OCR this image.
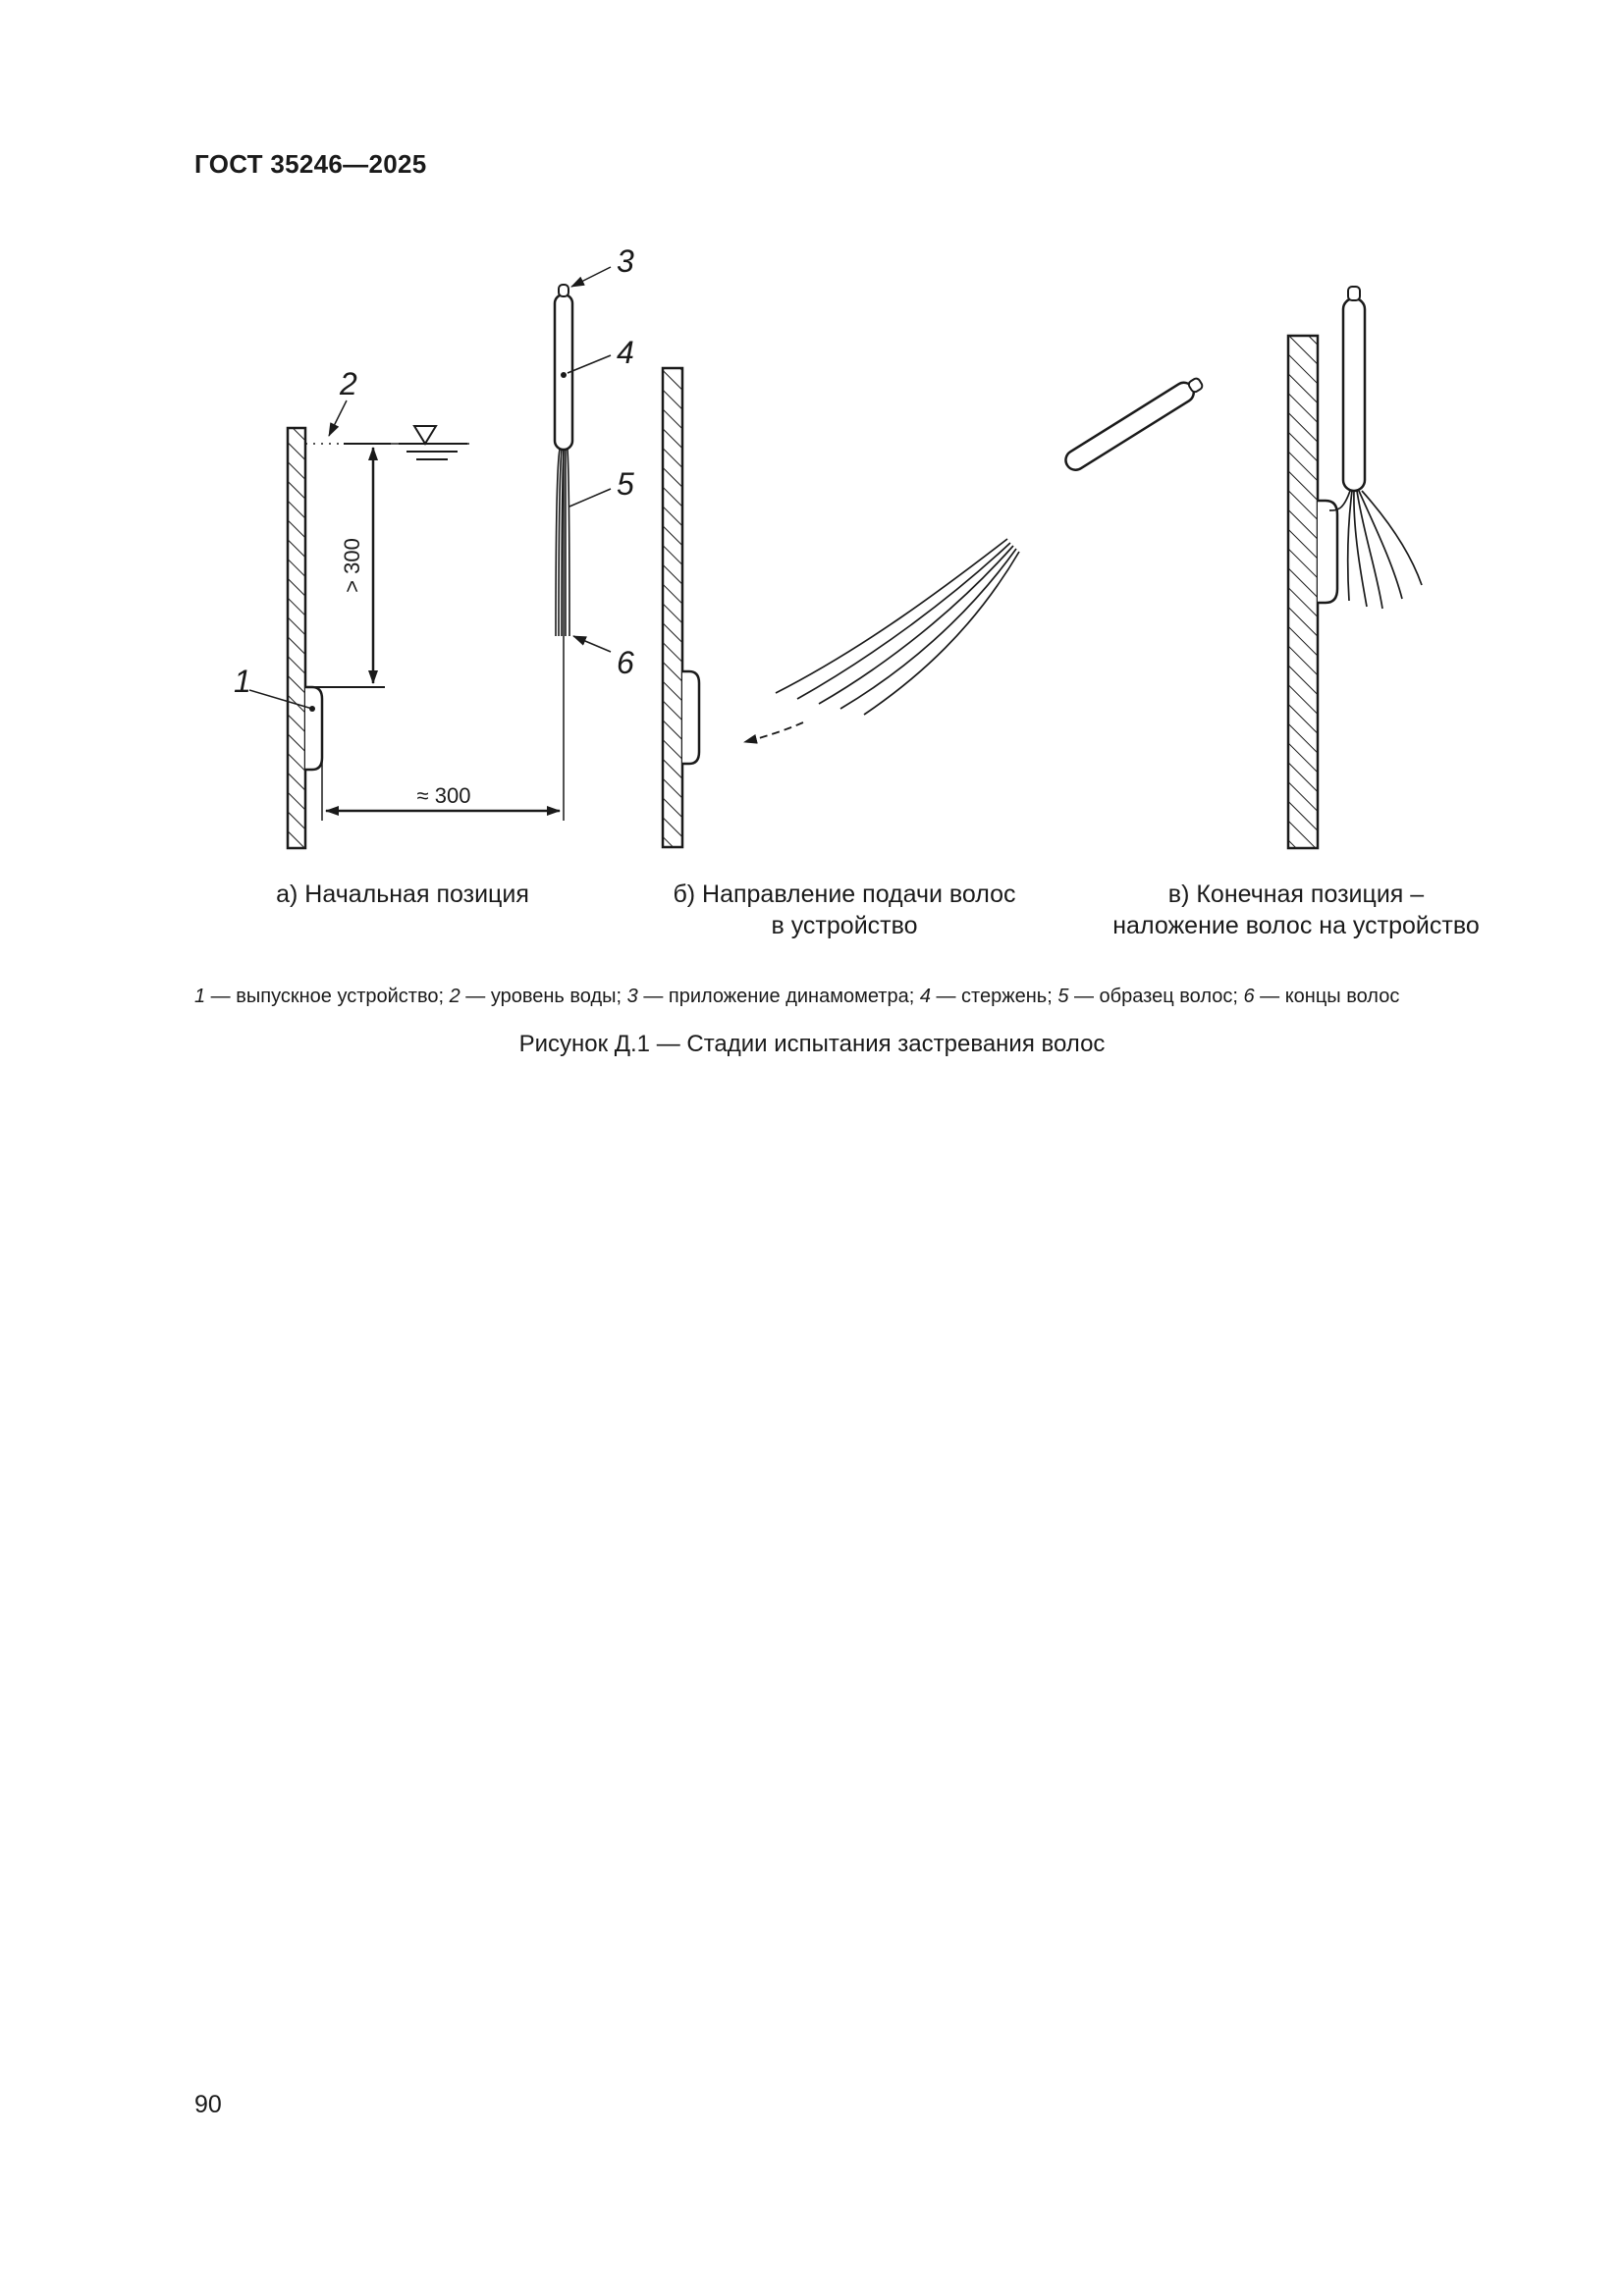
ГОСТ 35246—2025
> 300
≈ 300
1
2
3
4
5
6
а) Начальная позиция	б) Направление подачи волос
в устройство
в) Конечная позиция –
наложение волос на устройство
1 — выпускное устройство; 2 — уровень воды; 3 — приложение динамометра; 4 — стержень; 5 — образец волос; 6 — концы волос
Рисунок Д.1 — Стадии испытания застревания волос
90
